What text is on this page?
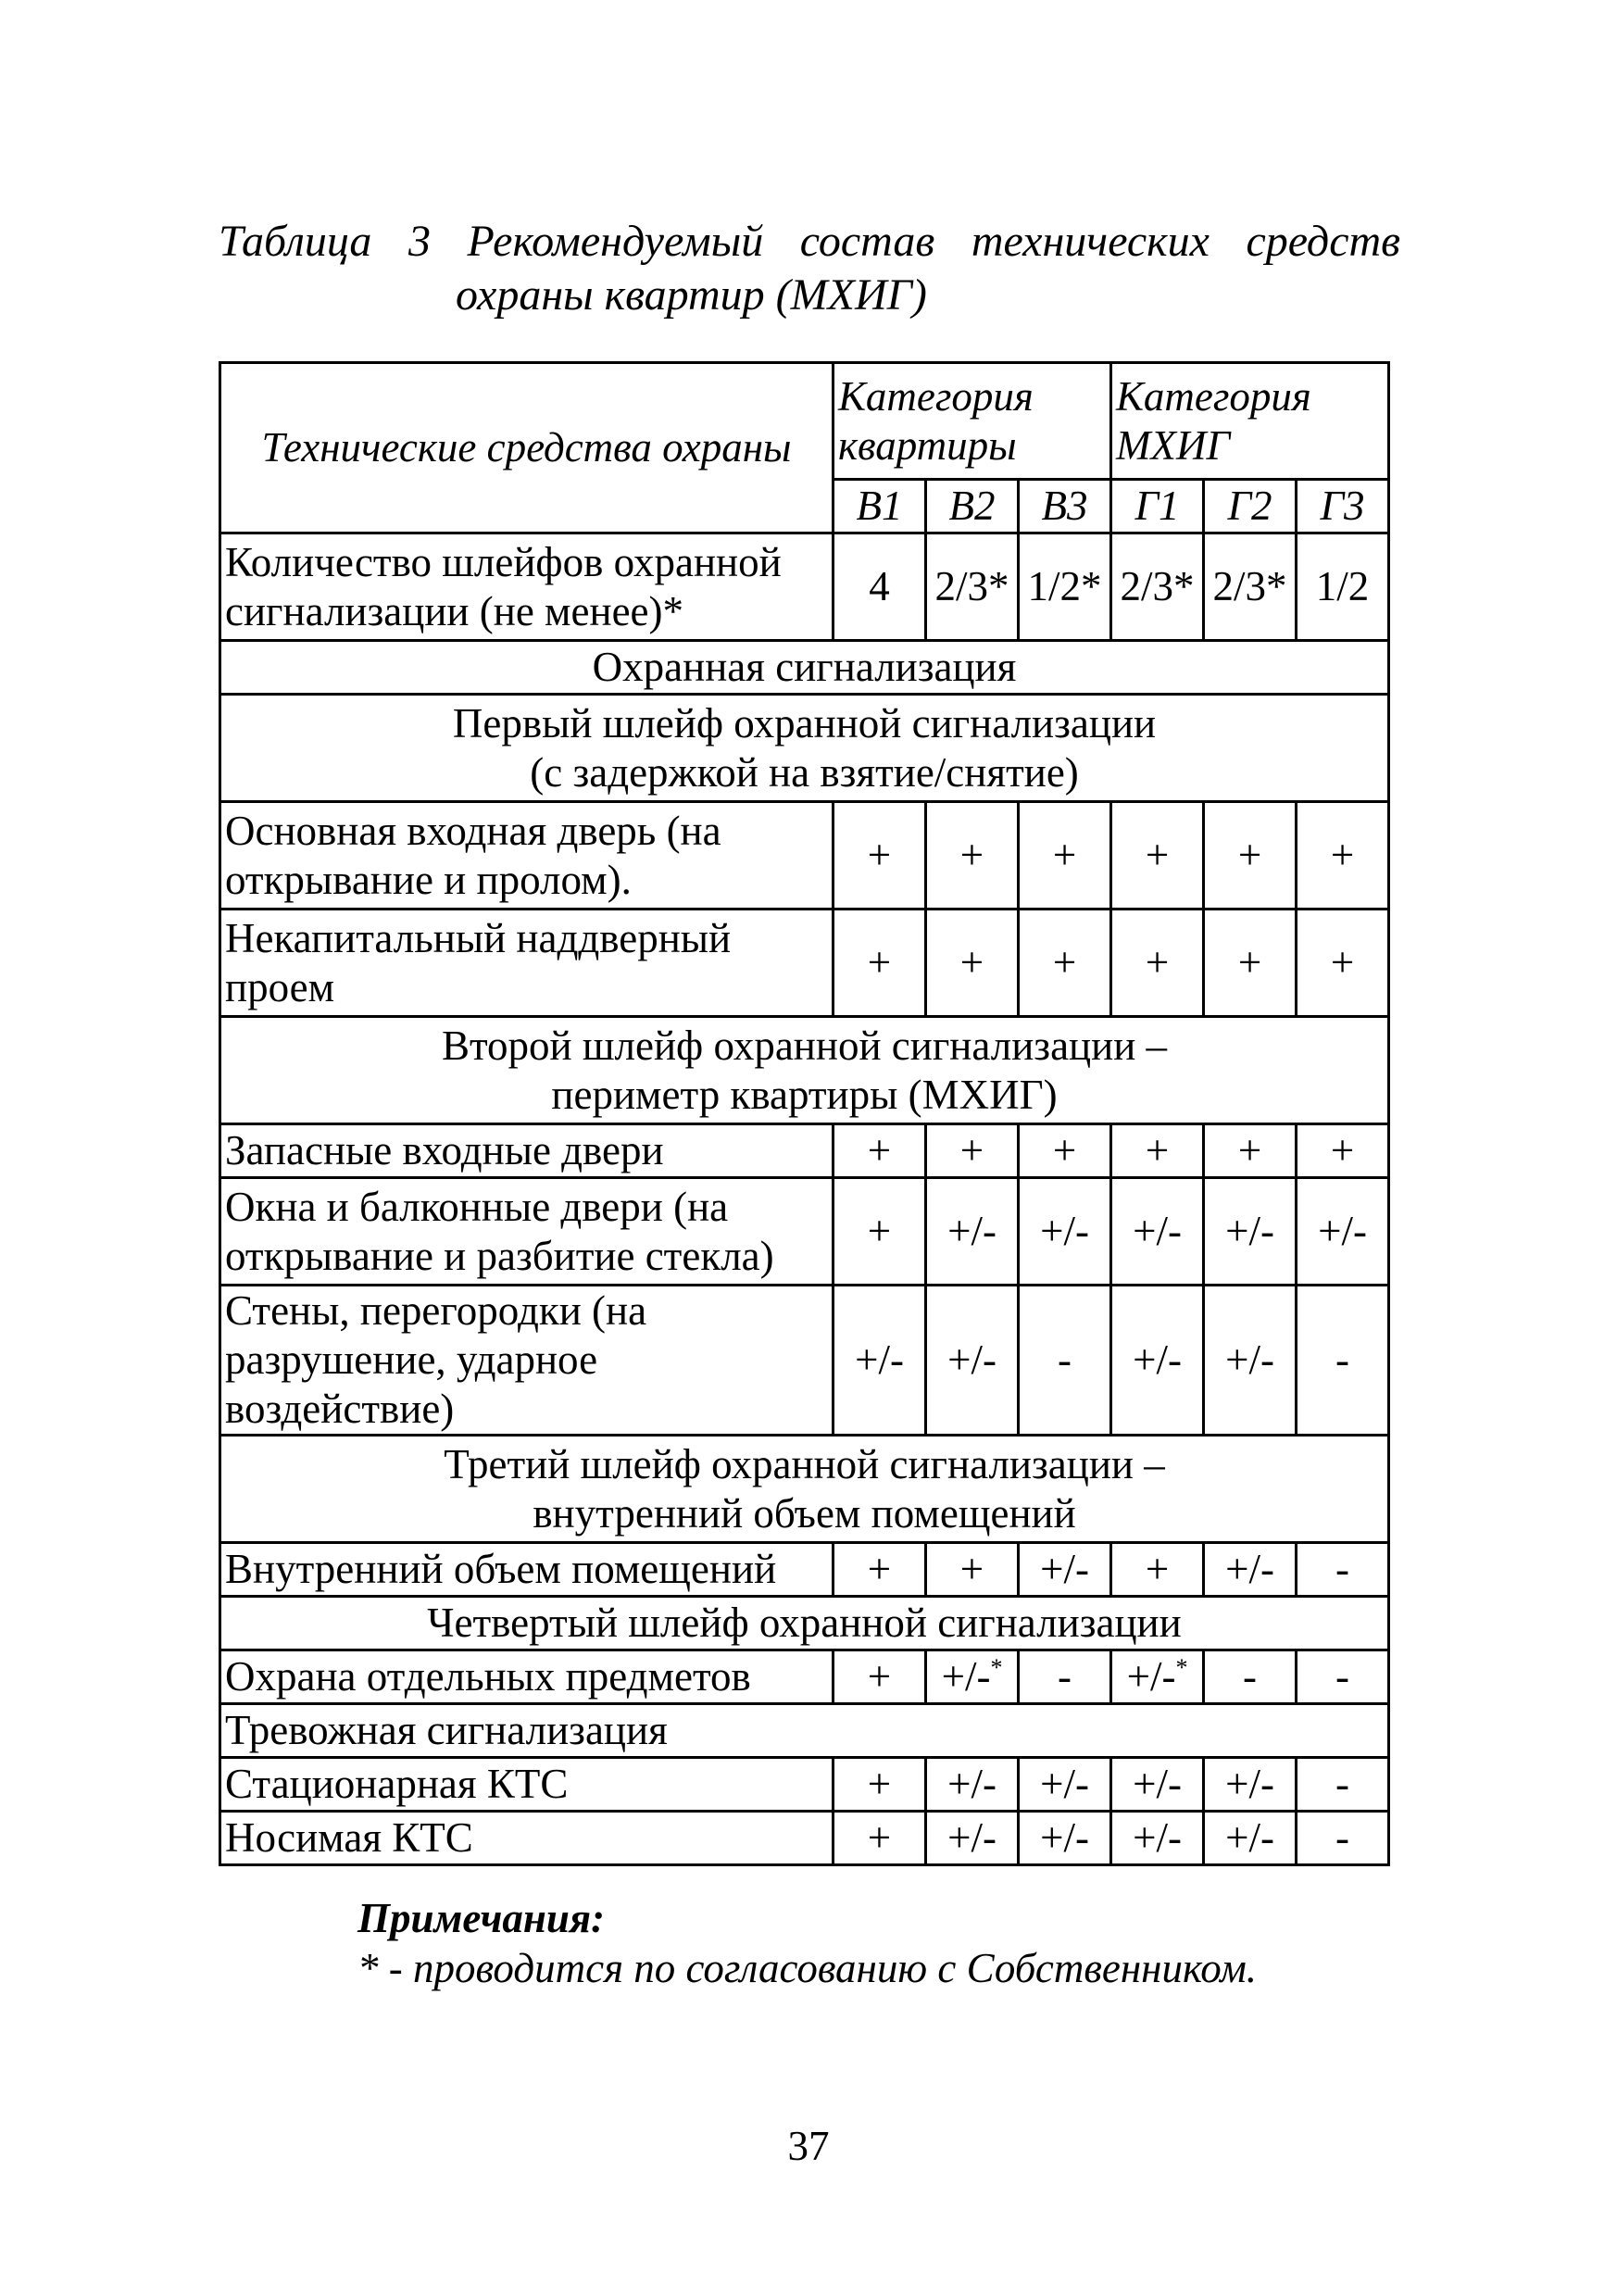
Таблица 3 Рекомендуемый состав технических средств
охраны квартир (МХИГ)
Технические средства охраны	Категория квартиры			Категория МХИГ		
	В1	В2	В3	Г1	Г2	Г3
Количество шлейфов охранной сигнализации (не менее)*	4	2/3*	1/2*	2/3*	2/3*	1/2
Охранная сигнализация						
Первый шлейф охранной сигнализации
(с задержкой на взятие/снятие)						
Основная входная дверь (на открывание и пролом).	+	+	+	+	+	+
Некапитальный наддверный проем	+	+	+	+	+	+
Второй шлейф охранной сигнализации –
периметр квартиры (МХИГ)						
Запасные входные двери	+	+	+	+	+	+
Окна и балконные двери (на открывание и разбитие стекла)	+	+/-	+/-	+/-	+/-	+/-
Стены, перегородки (на разрушение, ударное воздействие)	+/-	+/-	-	+/-	+/-	-
Третий шлейф охранной сигнализации –
внутренний объем помещений						
Внутренний объем помещений	+	+	+/-	+	+/-	-
Четвертый шлейф охранной сигнализации						
Охрана отдельных предметов	+	+/-*	-	+/-*	-	-
Тревожная сигнализация						
Стационарная КТС	+	+/-	+/-	+/-	+/-	-
Носимая КТС	+	+/-	+/-	+/-	+/-	-
Примечания:
* - проводится по согласованию с Собственником.
37
